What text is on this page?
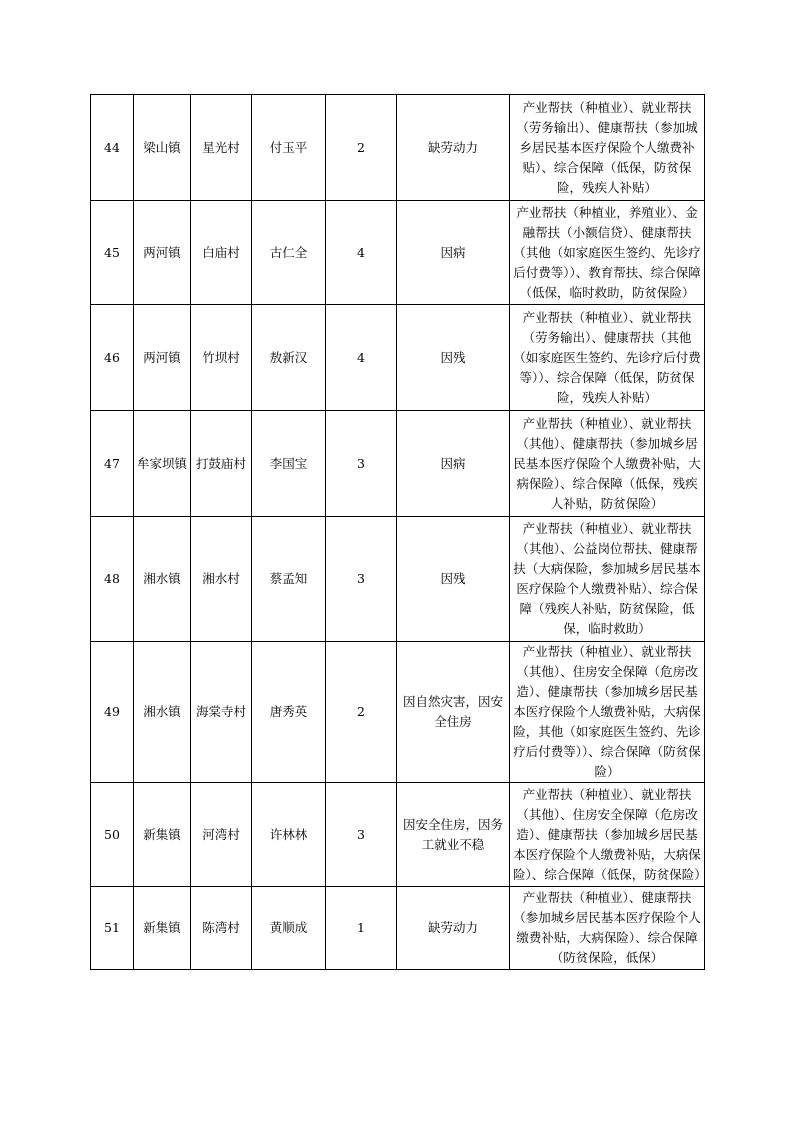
44	梁山镇	星光村	付玉平	2	缺劳动力	产业帮扶（种植业）、就业帮扶（劳务输出）、健康帮扶（参加城乡居民基本医疗保险个人缴费补贴）、综合保障（低保，防贫保险，残疾人补贴）
45	两河镇	白庙村	古仁全	4	因病	产业帮扶（种植业，养殖业）、金融帮扶（小额信贷）、健康帮扶（其他（如家庭医生签约、先诊疗后付费等））、教育帮扶、综合保障（低保，临时救助，防贫保险）
46	两河镇	竹坝村	敖新汉	4	因残	产业帮扶（种植业）、就业帮扶（劳务输出）、健康帮扶（其他（如家庭医生签约、先诊疗后付费等））、综合保障（低保，防贫保险，残疾人补贴）
47	牟家坝镇	打鼓庙村	李国宝	3	因病	产业帮扶（种植业）、就业帮扶（其他）、健康帮扶（参加城乡居民基本医疗保险个人缴费补贴，大病保险）、综合保障（低保，残疾人补贴，防贫保险）
48	湘水镇	湘水村	蔡孟知	3	因残	产业帮扶（种植业）、就业帮扶（其他）、公益岗位帮扶、健康帮扶（大病保险，参加城乡居民基本医疗保险个人缴费补贴）、综合保障（残疾人补贴，防贫保险，低保，临时救助）
49	湘水镇	海棠寺村	唐秀英	2	因自然灾害，因安全住房	产业帮扶（种植业）、就业帮扶（其他）、住房安全保障（危房改造）、健康帮扶（参加城乡居民基本医疗保险个人缴费补贴，大病保险，其他（如家庭医生签约、先诊疗后付费等））、综合保障（防贫保险）
50	新集镇	河湾村	许林林	3	因安全住房，因务工就业不稳	产业帮扶（种植业）、就业帮扶（其他）、住房安全保障（危房改造）、健康帮扶（参加城乡居民基本医疗保险个人缴费补贴，大病保险）、综合保障（低保，防贫保险）
51	新集镇	陈湾村	黄顺成	1	缺劳动力	产业帮扶（种植业）、健康帮扶（参加城乡居民基本医疗保险个人缴费补贴，大病保险）、综合保障（防贫保险，低保）
